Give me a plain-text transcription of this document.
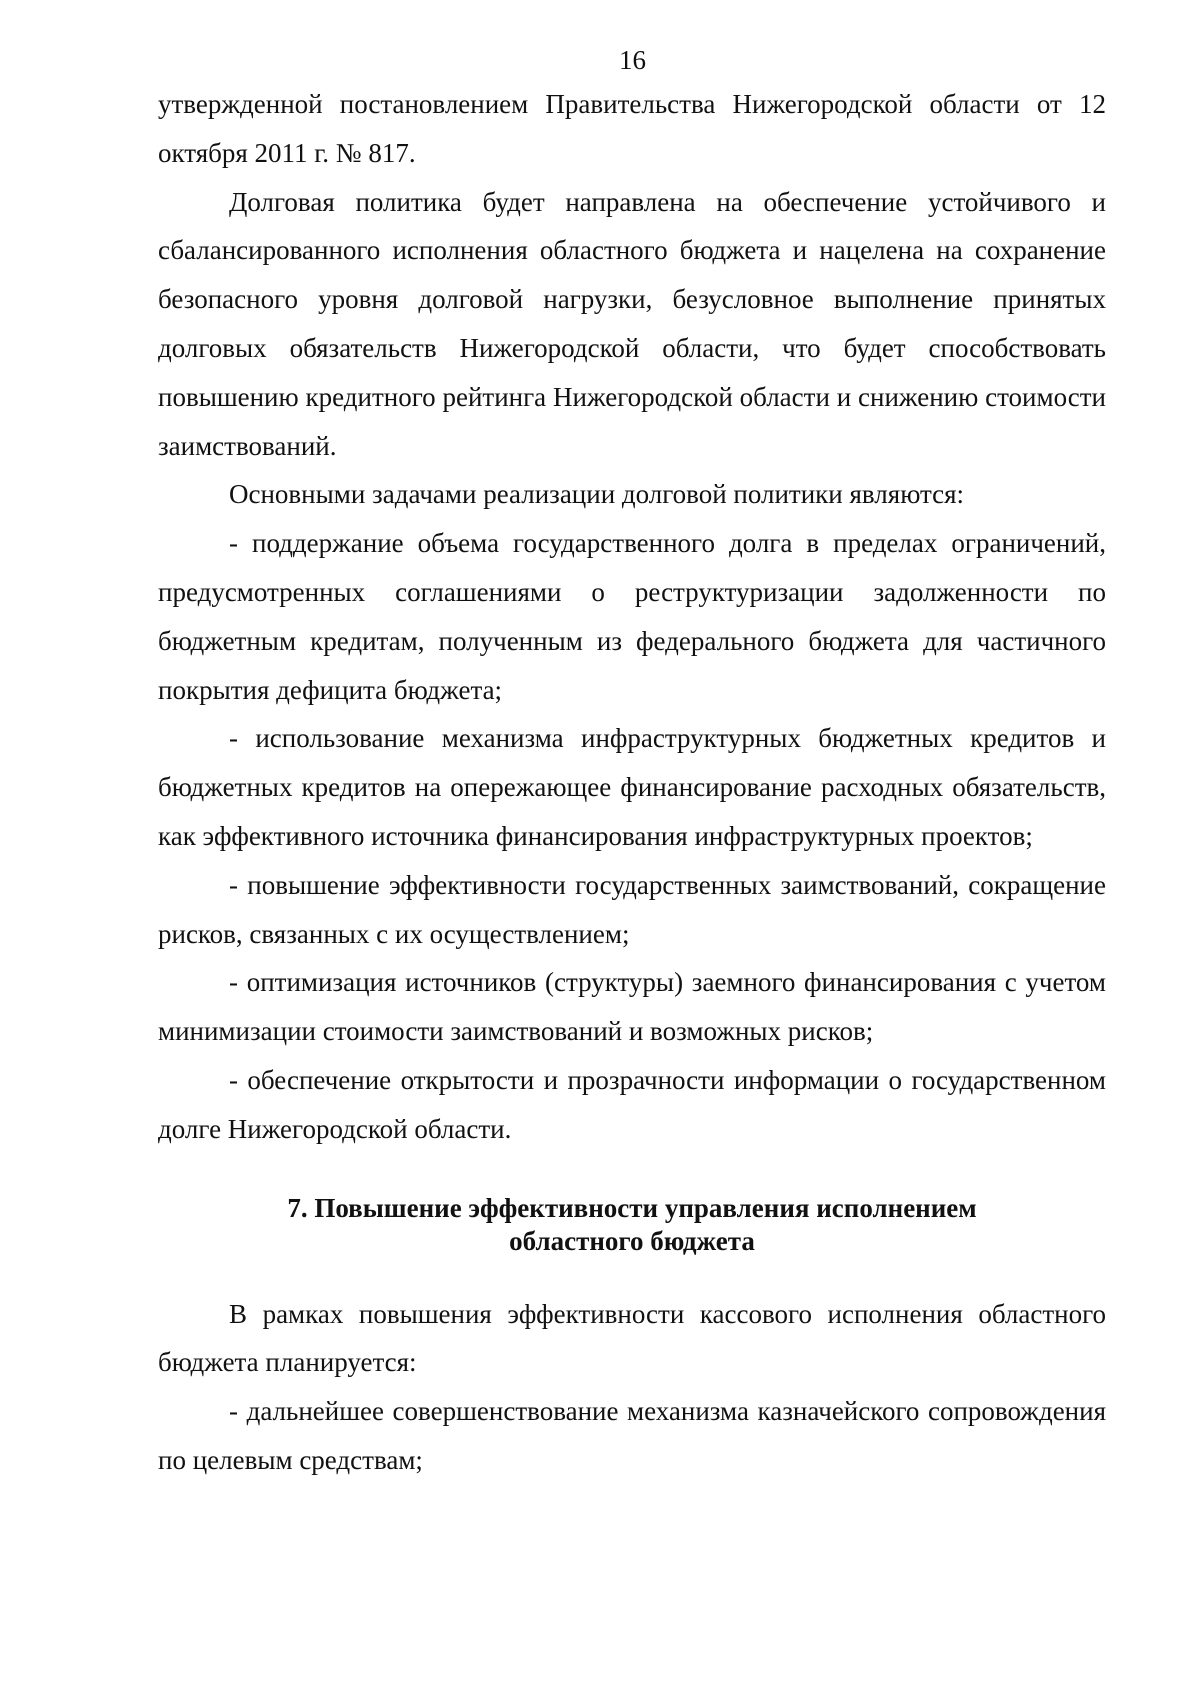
16

утвержденной постановлением Правительства Нижегородской области от 12 октября 2011 г. № 817.

Долговая политика будет направлена на обеспечение устойчивого и сбалансированного исполнения областного бюджета и нацелена на сохранение безопасного уровня долговой нагрузки, безусловное выполнение принятых долговых обязательств Нижегородской области, что будет способствовать повышению кредитного рейтинга Нижегородской области и снижению стоимости заимствований.

Основными задачами реализации долговой политики являются:

- поддержание объема государственного долга в пределах ограничений, предусмотренных соглашениями о реструктуризации задолженности по бюджетным кредитам, полученным из федерального бюджета для частичного покрытия дефицита бюджета;

- использование механизма инфраструктурных бюджетных кредитов и бюджетных кредитов на опережающее финансирование расходных обязательств, как эффективного источника финансирования инфраструктурных проектов;

- повышение эффективности государственных заимствований, сокращение рисков, связанных с их осуществлением;

- оптимизация источников (структуры) заемного финансирования с учетом минимизации стоимости заимствований и возможных рисков;

- обеспечение открытости и прозрачности информации о государственном долге Нижегородской области.

7. Повышение эффективности управления исполнением
областного бюджета

В рамках повышения эффективности кассового исполнения областного бюджета планируется:

- дальнейшее совершенствование механизма казначейского сопровождения по целевым средствам;
